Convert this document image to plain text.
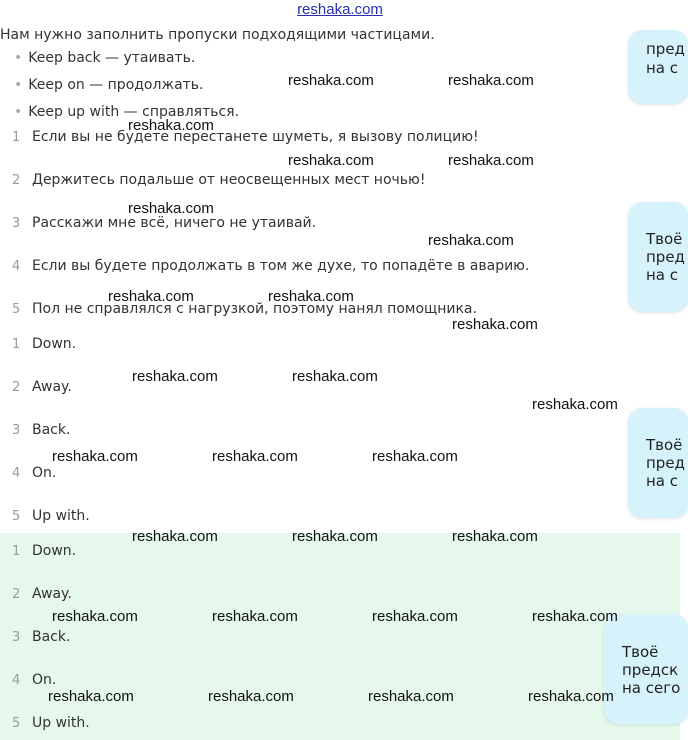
reshaka.com
Нам нужно заполнить пропуски подходящими частицами.
• Keep back — утаивать.
• Keep on — продолжать.
• Keep up with — справляться.
1 Если вы не будете перестанете шуметь, я вызову полицию!
2 Держитесь подальше от неосвещенных мест ночью!
3 Расскажи мне всё, ничего не утаивай.
4 Если вы будете продолжать в том же духе, то попадёте в аварию.
5 Пол не справлялся с нагрузкой, поэтому нанял помощника.
1 Down.
2 Away.
3 Back.
4 On.
5 Up with.
1 Down.
2 Away.
3 Back.
4 On.
5 Up with.
пред
на с
Твоё
пред
на с
Твоё
пред
на с
Твоё
предск
на сего
reshaka.com	reshaka.com
reshaka.com
reshaka.com	reshaka.com
reshaka.com
reshaka.com
reshaka.com	reshaka.com
reshaka.com
reshaka.com	reshaka.com
reshaka.com
reshaka.com	reshaka.com	reshaka.com
reshaka.com	reshaka.com	reshaka.com
reshaka.com	reshaka.com	reshaka.com	reshaka.com
reshaka.com	reshaka.com	reshaka.com	reshaka.com
